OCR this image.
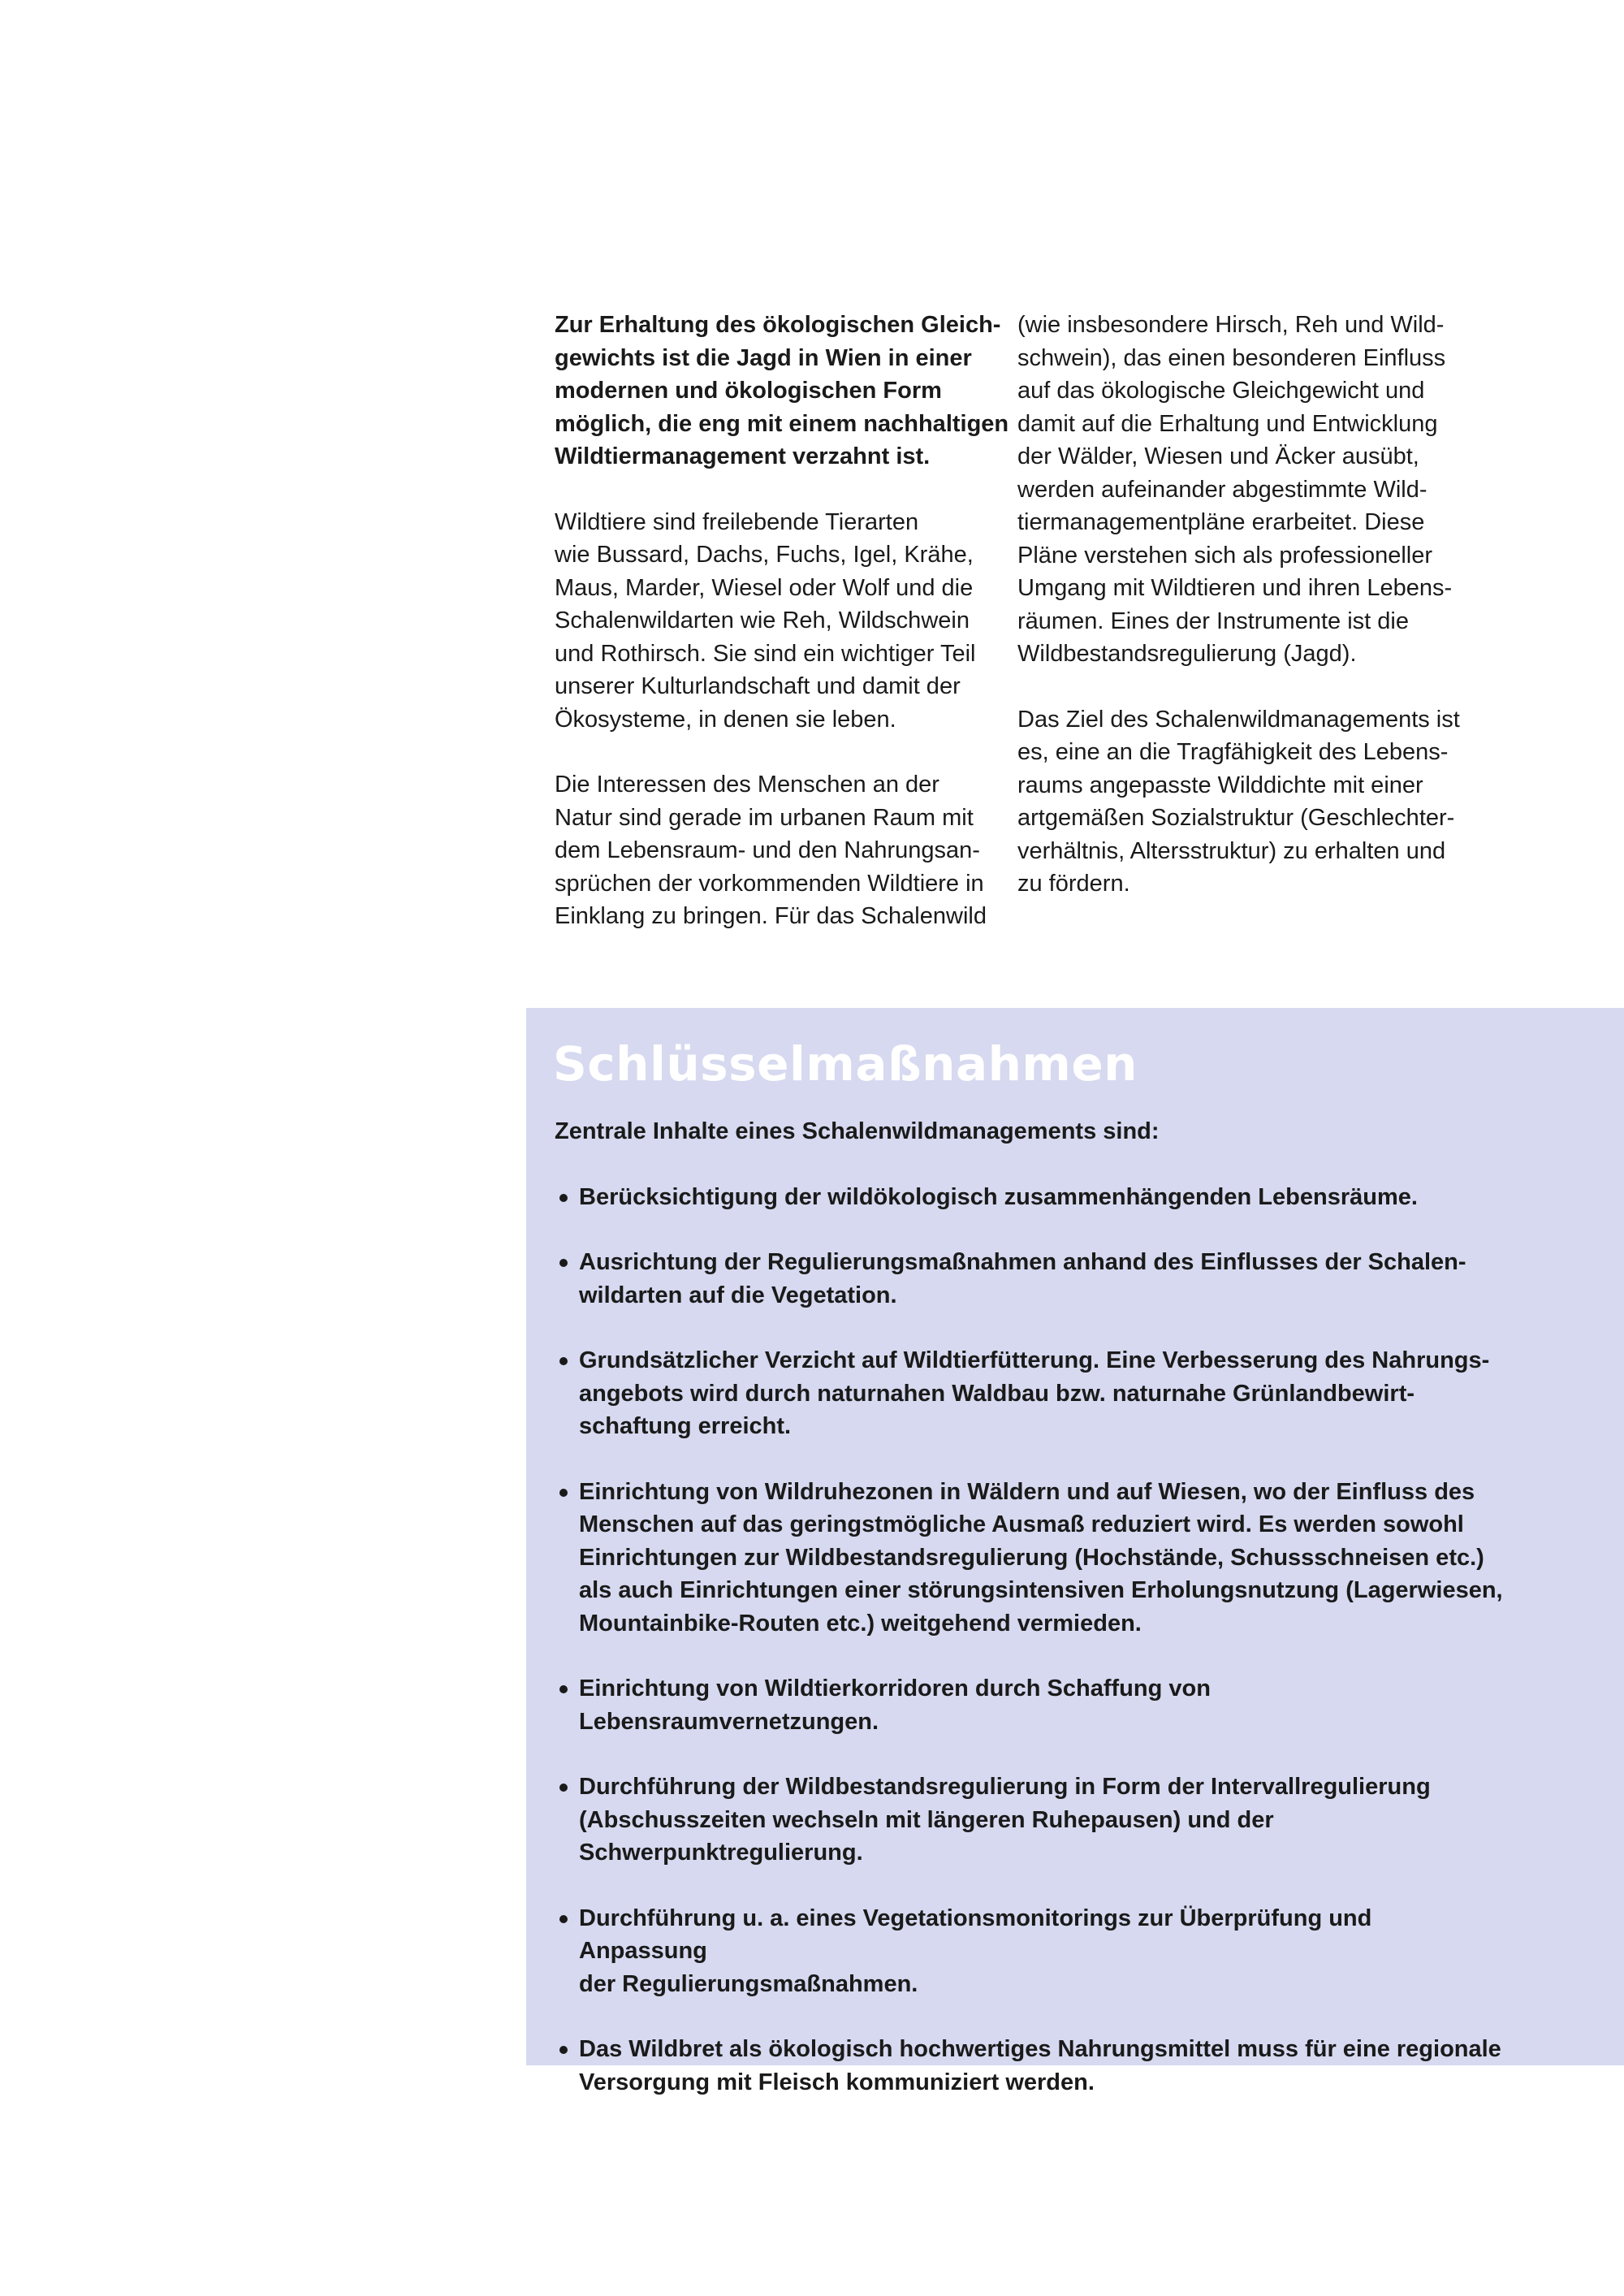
Zur Erhaltung des ökologischen Gleich-
gewichts ist die Jagd in Wien in einer
modernen und ökologischen Form
möglich, die eng mit einem nachhaltigen
Wildtiermanagement verzahnt ist.

Wildtiere sind freilebende Tierarten
wie Bussard, Dachs, Fuchs, Igel, Krähe,
Maus, Marder, Wiesel oder Wolf und die
Schalenwildarten wie Reh, Wildschwein
und Rothirsch. Sie sind ein wichtiger Teil
unserer Kulturlandschaft und damit der
Ökosysteme, in denen sie leben.

Die Interessen des Menschen an der
Natur sind gerade im urbanen Raum mit
dem Lebensraum- und den Nahrungsan-
sprüchen der vorkommenden Wildtiere in
Einklang zu bringen. Für das Schalenwild

(wie insbesondere Hirsch, Reh und Wild-
schwein), das einen besonderen Einfluss
auf das ökologische Gleichgewicht und
damit auf die Erhaltung und Entwicklung
der Wälder, Wiesen und Äcker ausübt,
werden aufeinander abgestimmte Wild-
tiermanagementpläne erarbeitet. Diese
Pläne verstehen sich als professioneller
Umgang mit Wildtieren und ihren Lebens-
räumen. Eines der Instrumente ist die
Wildbestandsregulierung (Jagd).

Das Ziel des Schalenwildmanagements ist
es, eine an die Tragfähigkeit des Lebens-
raums angepasste Wilddichte mit einer
artgemäßen Sozialstruktur (Geschlechter-
verhältnis, Altersstruktur) zu erhalten und
zu fördern.

Schlüsselmaßnahmen
Zentrale Inhalte eines Schalenwildmanagements sind:
Berücksichtigung der wildökologisch zusammenhängenden Lebensräume.
Ausrichtung der Regulierungsmaßnahmen anhand des Einflusses der Schalen-
wildarten auf die Vegetation.
Grundsätzlicher Verzicht auf Wildtierfütterung. Eine Verbesserung des Nahrungs-
angebots wird durch naturnahen Waldbau bzw. naturnahe Grünlandbewirt-
schaftung erreicht.
Einrichtung von Wildruhezonen in Wäldern und auf Wiesen, wo der Einfluss des
Menschen auf das geringstmögliche Ausmaß reduziert wird. Es werden sowohl
Einrichtungen zur Wildbestandsregulierung (Hochstände, Schussschneisen etc.)
als auch Einrichtungen einer störungsintensiven Erholungsnutzung (Lagerwiesen,
Mountainbike-Routen etc.) weitgehend vermieden.
Einrichtung von Wildtierkorridoren durch Schaffung von Lebensraumvernetzungen.
Durchführung der Wildbestandsregulierung in Form der Intervallregulierung
(Abschusszeiten wechseln mit längeren Ruhepausen) und der
Schwerpunktregulierung.
Durchführung u. a. eines Vegetationsmonitorings zur Überprüfung und Anpassung
der Regulierungsmaßnahmen.
Das Wildbret als ökologisch hochwertiges Nahrungsmittel muss für eine regionale
Versorgung mit Fleisch kommuniziert werden.
